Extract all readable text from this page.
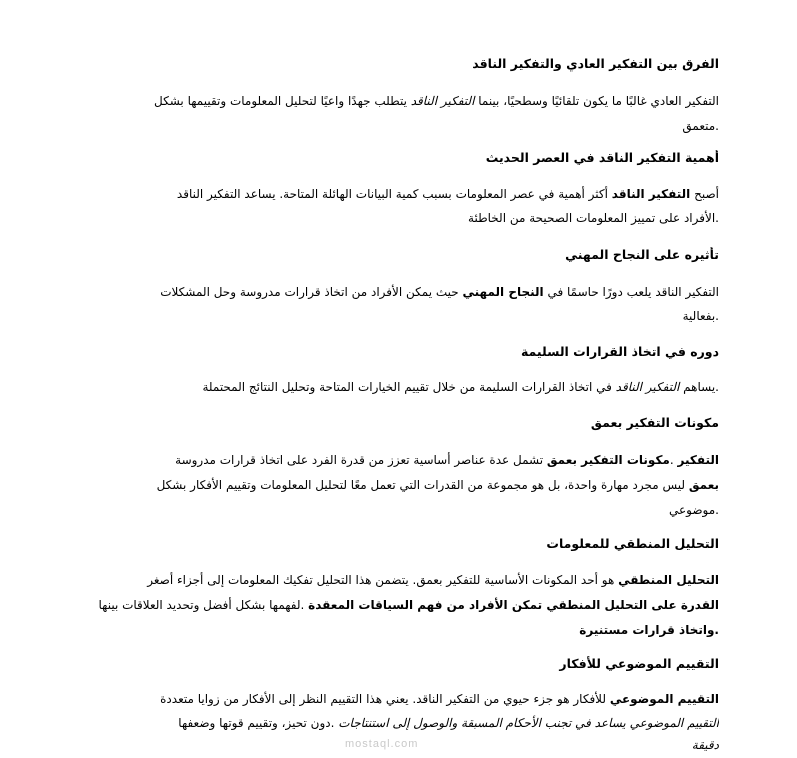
الفرق بين التفكير العادي والتفكير الناقد
التفكير العادي غالبًا ما يكون تلقائيًا وسطحيًا، بينما التفكير الناقد يتطلب جهدًا واعيًا لتحليل المعلومات وتقييمها بشكل
.متعمق
أهمية التفكير الناقد في العصر الحديث
أصبح التفكير الناقد أكثر أهمية في عصر المعلومات بسبب كمية البيانات الهائلة المتاحة. يساعد التفكير الناقد
.الأفراد على تمييز المعلومات الصحيحة من الخاطئة
تأثيره على النجاح المهني
التفكير الناقد يلعب دورًا حاسمًا في النجاح المهني حيث يمكن الأفراد من اتخاذ قرارات مدروسة وحل المشكلات
.بفعالية
دوره في اتخاذ القرارات السليمة
.يساهم التفكير الناقد في اتخاذ القرارات السليمة من خلال تقييم الخيارات المتاحة وتحليل النتائج المحتملة
مكونات التفكير بعمق
التفكير .مكونات التفكير بعمق تشمل عدة عناصر أساسية تعزز من قدرة الفرد على اتخاذ قرارات مدروسة
بعمق ليس مجرد مهارة واحدة، بل هو مجموعة من القدرات التي تعمل معًا لتحليل المعلومات وتقييم الأفكار بشكل
.موضوعي
التحليل المنطقي للمعلومات
التحليل المنطقي هو أحد المكونات الأساسية للتفكير بعمق. يتضمن هذا التحليل تفكيك المعلومات إلى أجزاء أصغر
القدرة على التحليل المنطقي تمكن الأفراد من فهم السياقات المعقدة .لفهمها بشكل أفضل وتحديد العلاقات بينها
.واتخاذ قرارات مستنيرة
التقييم الموضوعي للأفكار
التقييم الموضوعي للأفكار هو جزء حيوي من التفكير الناقد. يعني هذا التقييم النظر إلى الأفكار من زوايا متعددة
التقييم الموضوعي يساعد في تجنب الأحكام المسبقة والوصول إلى استنتاجات .دون تحيز، وتقييم قوتها وضعفها
دقيقة
mostaql.com
